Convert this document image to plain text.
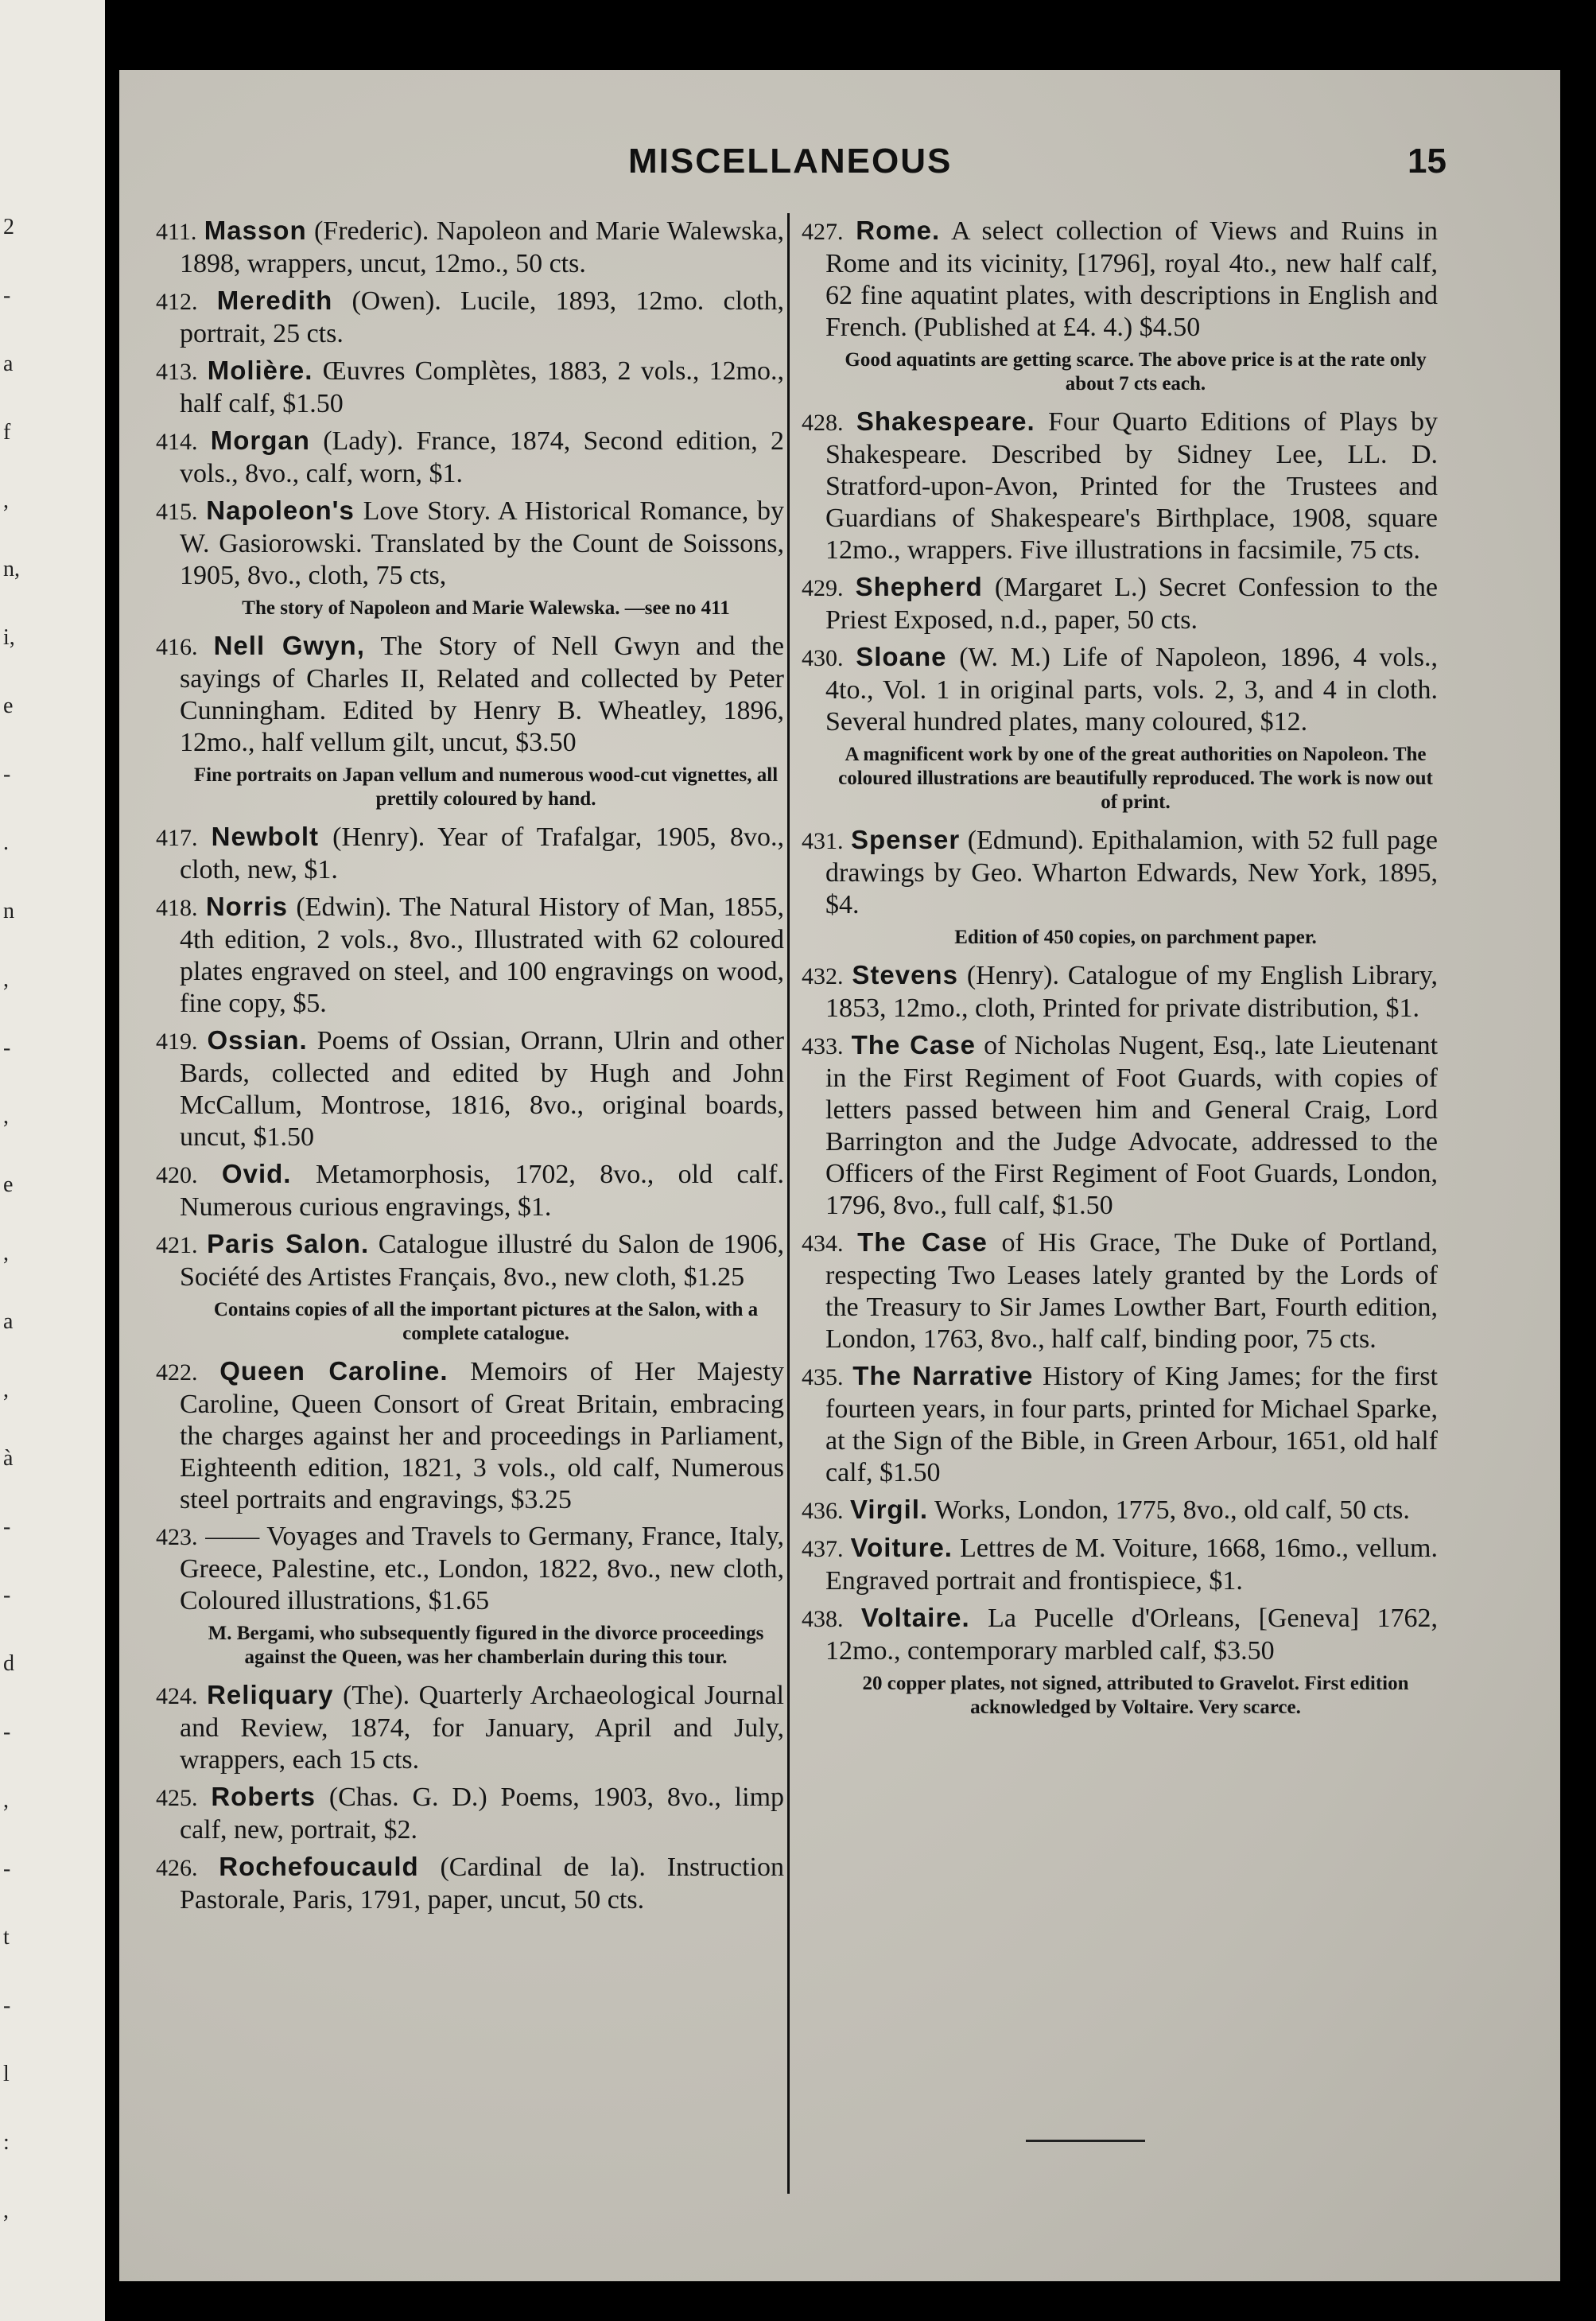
2
-
a
f
,
n,
i,
e
-
.
n
,
-
,
e
,
a
,
à
-
-
d
-
,
-
t
-
l
:
,
MISCELLANEOUS	15
411. Masson (Frederic). Napoleon and Marie Walewska, 1898, wrappers, uncut, 12mo., 50 cts.
412. Meredith (Owen). Lucile, 1893, 12mo. cloth, portrait, 25 cts.
413. Molière. Œuvres Complètes, 1883, 2 vols., 12mo., half calf, $1.50
414. Morgan (Lady). France, 1874, Second edition, 2 vols., 8vo., calf, worn, $1.
415. Napoleon's Love Story. A Historical Romance, by W. Gasiorowski. Translated by the Count de Soissons, 1905, 8vo., cloth, 75 cts,
The story of Napoleon and Marie Walewska. —see no 411
416. Nell Gwyn, The Story of Nell Gwyn and the sayings of Charles II, Related and collected by Peter Cunningham. Edited by Henry B. Wheatley, 1896, 12mo., half vellum gilt, uncut, $3.50
Fine portraits on Japan vellum and numerous wood-cut vignettes, all prettily coloured by hand.
417. Newbolt (Henry). Year of Trafalgar, 1905, 8vo., cloth, new, $1.
418. Norris (Edwin). The Natural History of Man, 1855, 4th edition, 2 vols., 8vo., Illustrated with 62 coloured plates engraved on steel, and 100 engravings on wood, fine copy, $5.
419. Ossian. Poems of Ossian, Orrann, Ulrin and other Bards, collected and edited by Hugh and John McCallum, Montrose, 1816, 8vo., original boards, uncut, $1.50
420. Ovid. Metamorphosis, 1702, 8vo., old calf. Numerous curious engravings, $1.
421. Paris Salon. Catalogue illustré du Salon de 1906, Société des Artistes Français, 8vo., new cloth, $1.25
Contains copies of all the important pictures at the Salon, with a complete catalogue.
422. Queen Caroline. Memoirs of Her Majesty Caroline, Queen Consort of Great Britain, embracing the charges against her and proceedings in Parliament, Eighteenth edition, 1821, 3 vols., old calf, Numerous steel portraits and engravings, $3.25
423. —— Voyages and Travels to Germany, France, Italy, Greece, Palestine, etc., London, 1822, 8vo., new cloth, Coloured illustrations, $1.65
M. Bergami, who subsequently figured in the divorce proceedings against the Queen, was her chamberlain during this tour.
424. Reliquary (The). Quarterly Archaeological Journal and Review, 1874, for January, April and July, wrappers, each 15 cts.
425. Roberts (Chas. G. D.) Poems, 1903, 8vo., limp calf, new, portrait, $2.
426. Rochefoucauld (Cardinal de la). Instruction Pastorale, Paris, 1791, paper, uncut, 50 cts.
427. Rome. A select collection of Views and Ruins in Rome and its vicinity, [1796], royal 4to., new half calf, 62 fine aquatint plates, with descriptions in English and French. (Published at £4. 4.) $4.50
Good aquatints are getting scarce. The above price is at the rate only about 7 cts each.
428. Shakespeare. Four Quarto Editions of Plays by Shakespeare. Described by Sidney Lee, LL. D. Stratford-upon-Avon, Printed for the Trustees and Guardians of Shakespeare's Birthplace, 1908, square 12mo., wrappers. Five illustrations in facsimile, 75 cts.
429. Shepherd (Margaret L.) Secret Confession to the Priest Exposed, n.d., paper, 50 cts.
430. Sloane (W. M.) Life of Napoleon, 1896, 4 vols., 4to., Vol. 1 in original parts, vols. 2, 3, and 4 in cloth. Several hundred plates, many coloured, $12.
A magnificent work by one of the great authorities on Napoleon. The coloured illustrations are beautifully reproduced. The work is now out of print.
431. Spenser (Edmund). Epithalamion, with 52 full page drawings by Geo. Wharton Edwards, New York, 1895, $4.
Edition of 450 copies, on parchment paper.
432. Stevens (Henry). Catalogue of my English Library, 1853, 12mo., cloth, Printed for private distribution, $1.
433. The Case of Nicholas Nugent, Esq., late Lieutenant in the First Regiment of Foot Guards, with copies of letters passed between him and General Craig, Lord Barrington and the Judge Advocate, addressed to the Officers of the First Regiment of Foot Guards, London, 1796, 8vo., full calf, $1.50
434. The Case of His Grace, The Duke of Portland, respecting Two Leases lately granted by the Lords of the Treasury to Sir James Lowther Bart, Fourth edition, London, 1763, 8vo., half calf, binding poor, 75 cts.
435. The Narrative History of King James; for the first fourteen years, in four parts, printed for Michael Sparke, at the Sign of the Bible, in Green Arbour, 1651, old half calf, $1.50
436. Virgil. Works, London, 1775, 8vo., old calf, 50 cts.
437. Voiture. Lettres de M. Voiture, 1668, 16mo., vellum. Engraved portrait and frontispiece, $1.
438. Voltaire. La Pucelle d'Orleans, [Geneva] 1762, 12mo., contemporary marbled calf, $3.50
20 copper plates, not signed, attributed to Gravelot. First edition acknowledged by Voltaire. Very scarce.
